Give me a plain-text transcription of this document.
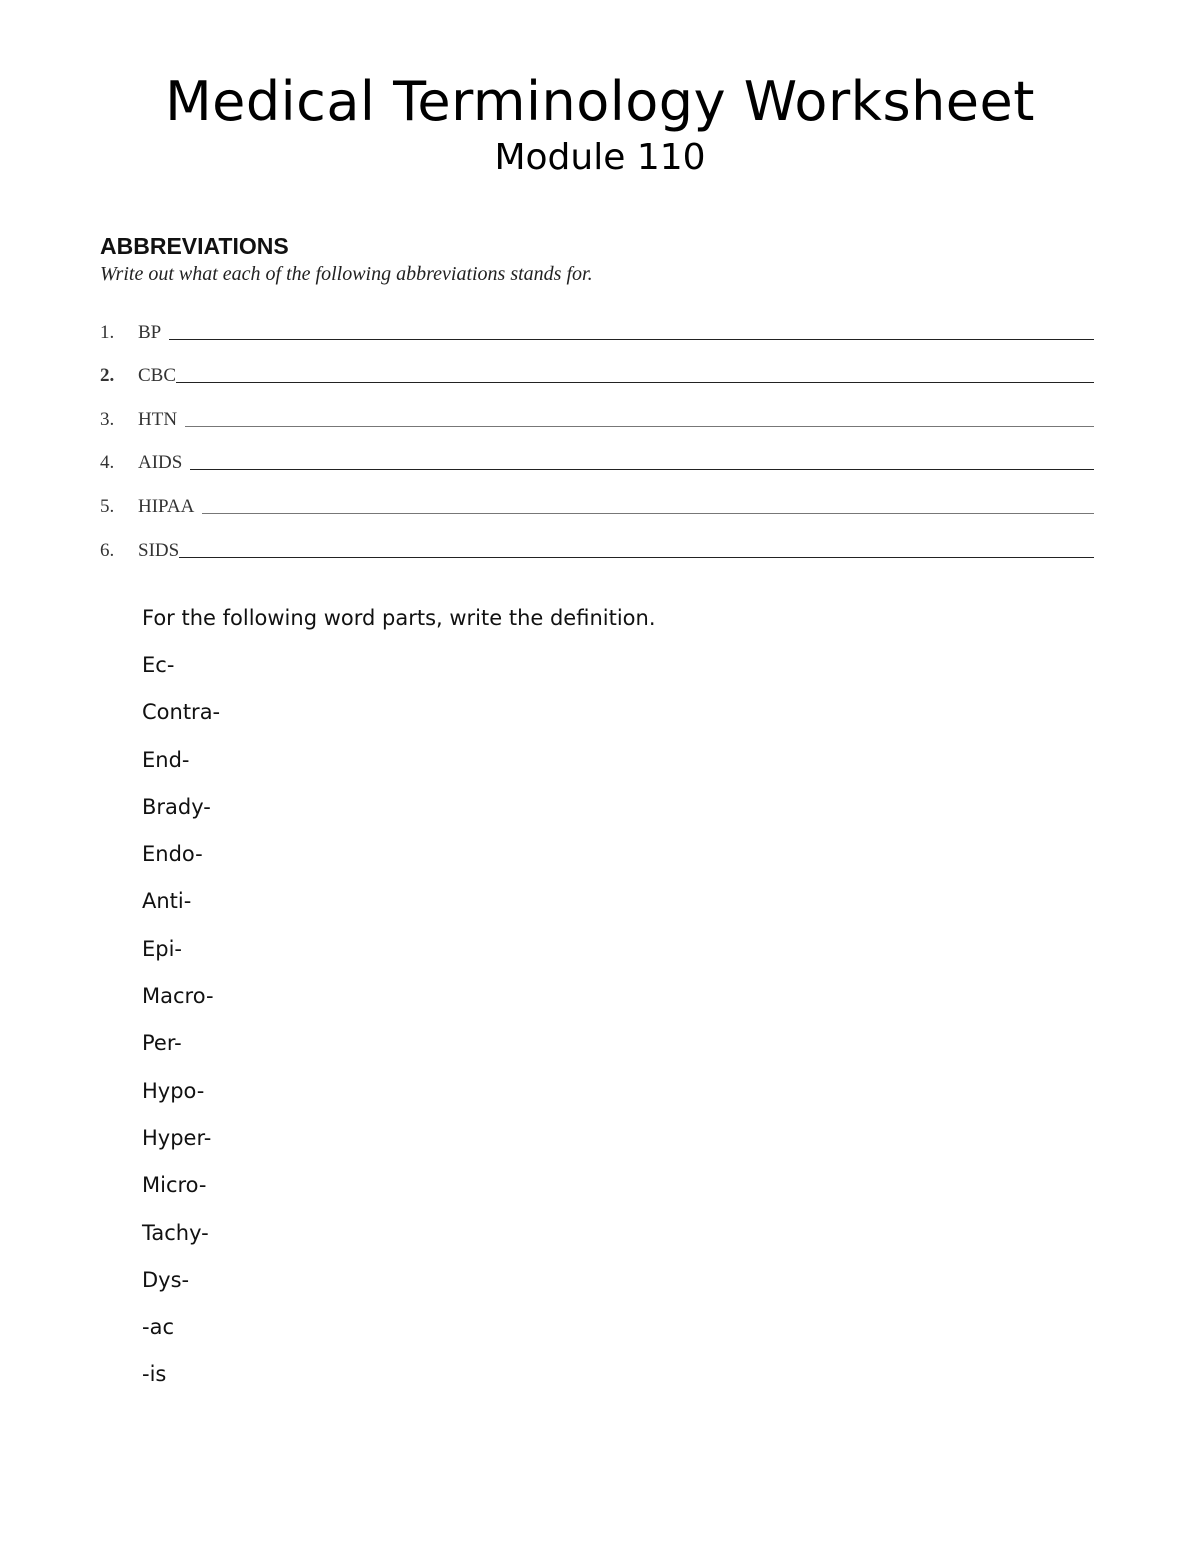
Medical Terminology Worksheet
Module 110
ABBREVIATIONS
Write out what each of the following abbreviations stands for.
1.	BP
2.	CBC
3.	HTN
4.	AIDS
5.	HIPAA
6.	SIDS
For the following word parts, write the definition.
Ec-
Contra-
End-
Brady-
Endo-
Anti-
Epi-
Macro-
Per-
Hypo-
Hyper-
Micro-
Tachy-
Dys-
-ac
-is
